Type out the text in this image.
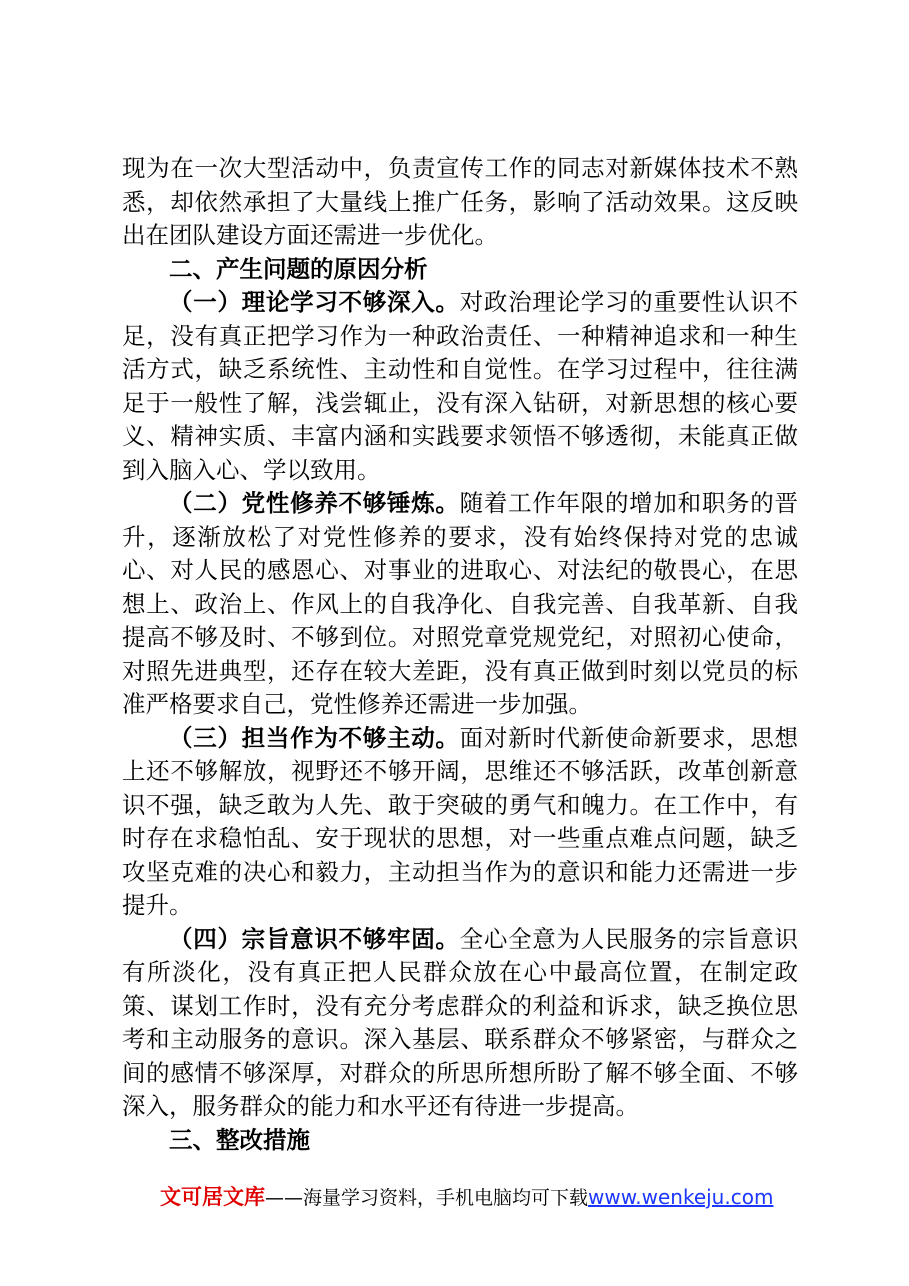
现为在一次大型活动中，负责宣传工作的同志对新媒体技术不熟悉，却依然承担了大量线上推广任务，影响了活动效果。这反映出在团队建设方面还需进一步优化。

二、产生问题的原因分析

（一）理论学习不够深入。对政治理论学习的重要性认识不足，没有真正把学习作为一种政治责任、一种精神追求和一种生活方式，缺乏系统性、主动性和自觉性。在学习过程中，往往满足于一般性了解，浅尝辄止，没有深入钻研，对新思想的核心要义、精神实质、丰富内涵和实践要求领悟不够透彻，未能真正做到入脑入心、学以致用。

（二）党性修养不够锤炼。随着工作年限的增加和职务的晋升，逐渐放松了对党性修养的要求，没有始终保持对党的忠诚心、对人民的感恩心、对事业的进取心、对法纪的敬畏心，在思想上、政治上、作风上的自我净化、自我完善、自我革新、自我提高不够及时、不够到位。对照党章党规党纪，对照初心使命，对照先进典型，还存在较大差距，没有真正做到时刻以党员的标准严格要求自己，党性修养还需进一步加强。

（三）担当作为不够主动。面对新时代新使命新要求，思想上还不够解放，视野还不够开阔，思维还不够活跃，改革创新意识不强，缺乏敢为人先、敢于突破的勇气和魄力。在工作中，有时存在求稳怕乱、安于现状的思想，对一些重点难点问题，缺乏攻坚克难的决心和毅力，主动担当作为的意识和能力还需进一步提升。

（四）宗旨意识不够牢固。全心全意为人民服务的宗旨意识有所淡化，没有真正把人民群众放在心中最高位置，在制定政策、谋划工作时，没有充分考虑群众的利益和诉求，缺乏换位思考和主动服务的意识。深入基层、联系群众不够紧密，与群众之间的感情不够深厚，对群众的所思所想所盼了解不够全面、不够深入，服务群众的能力和水平还有待进一步提高。

三、整改措施

文可居文库——海量学习资料，手机电脑均可下载www.wenkeju.com
